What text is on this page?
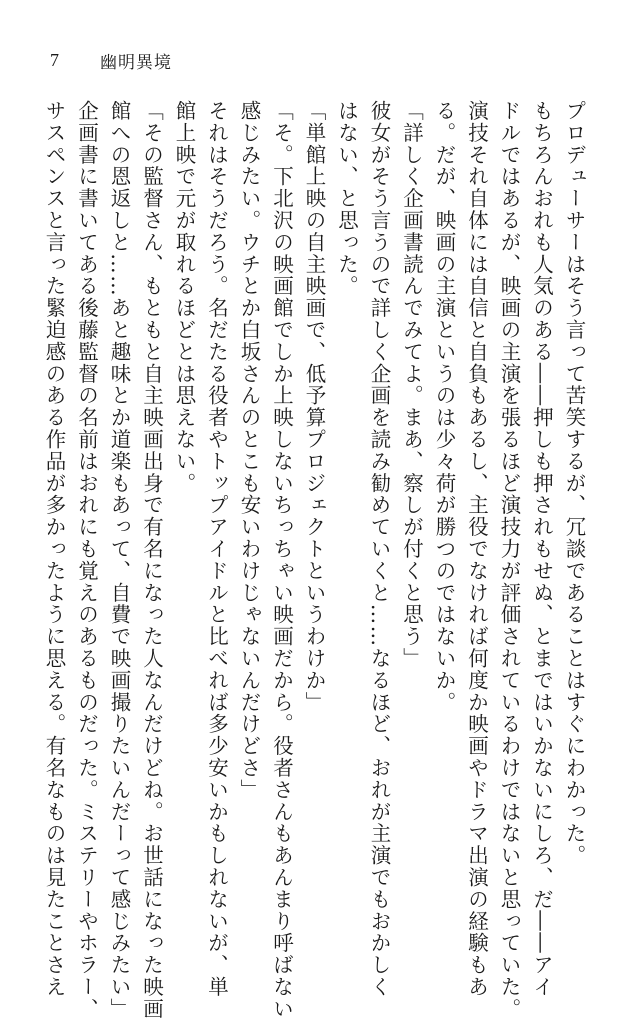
7	幽明異境
プロデューサーはそう言って苦笑するが、冗談であることはすぐにわかった。
もちろんおれも人気のある――押しも押されもせぬ、とまではいかないにしろ、だ――アイ
ドルではあるが、映画の主演を張るほど演技力が評価されているわけではないと思っていた。
演技それ自体には自信と自負もあるし、主役でなければ何度か映画やドラマ出演の経験もあ
る。だが、映画の主演というのは少々荷が勝つのではないか。
「詳しく企画書読んでみてよ。まあ、察しが付くと思う」
彼女がそう言うので詳しく企画を読み勧めていくと……なるほど、おれが主演でもおかしく
はない、と思った。
「単館上映の自主映画で、低予算プロジェクトというわけか」
「そ。下北沢の映画館でしか上映しないちっちゃい映画だから。役者さんもあんまり呼ばない
感じみたい。ウチとか白坂さんのとこも安いわけじゃないんだけどさ」
それはそうだろう。名だたる役者やトップアイドルと比べれば多少安いかもしれないが、単
館上映で元が取れるほどとは思えない。
「その監督さん、もともと自主映画出身で有名になった人なんだけどね。お世話になった映画
館への恩返しと……あと趣味とか道楽もあって、自費で映画撮りたいんだーって感じみたい」
企画書に書いてある後藤監督の名前はおれにも覚えのあるものだった。ミステリーやホラー、
サスペンスと言った緊迫感のある作品が多かったように思える。有名なものは見たことさえ
